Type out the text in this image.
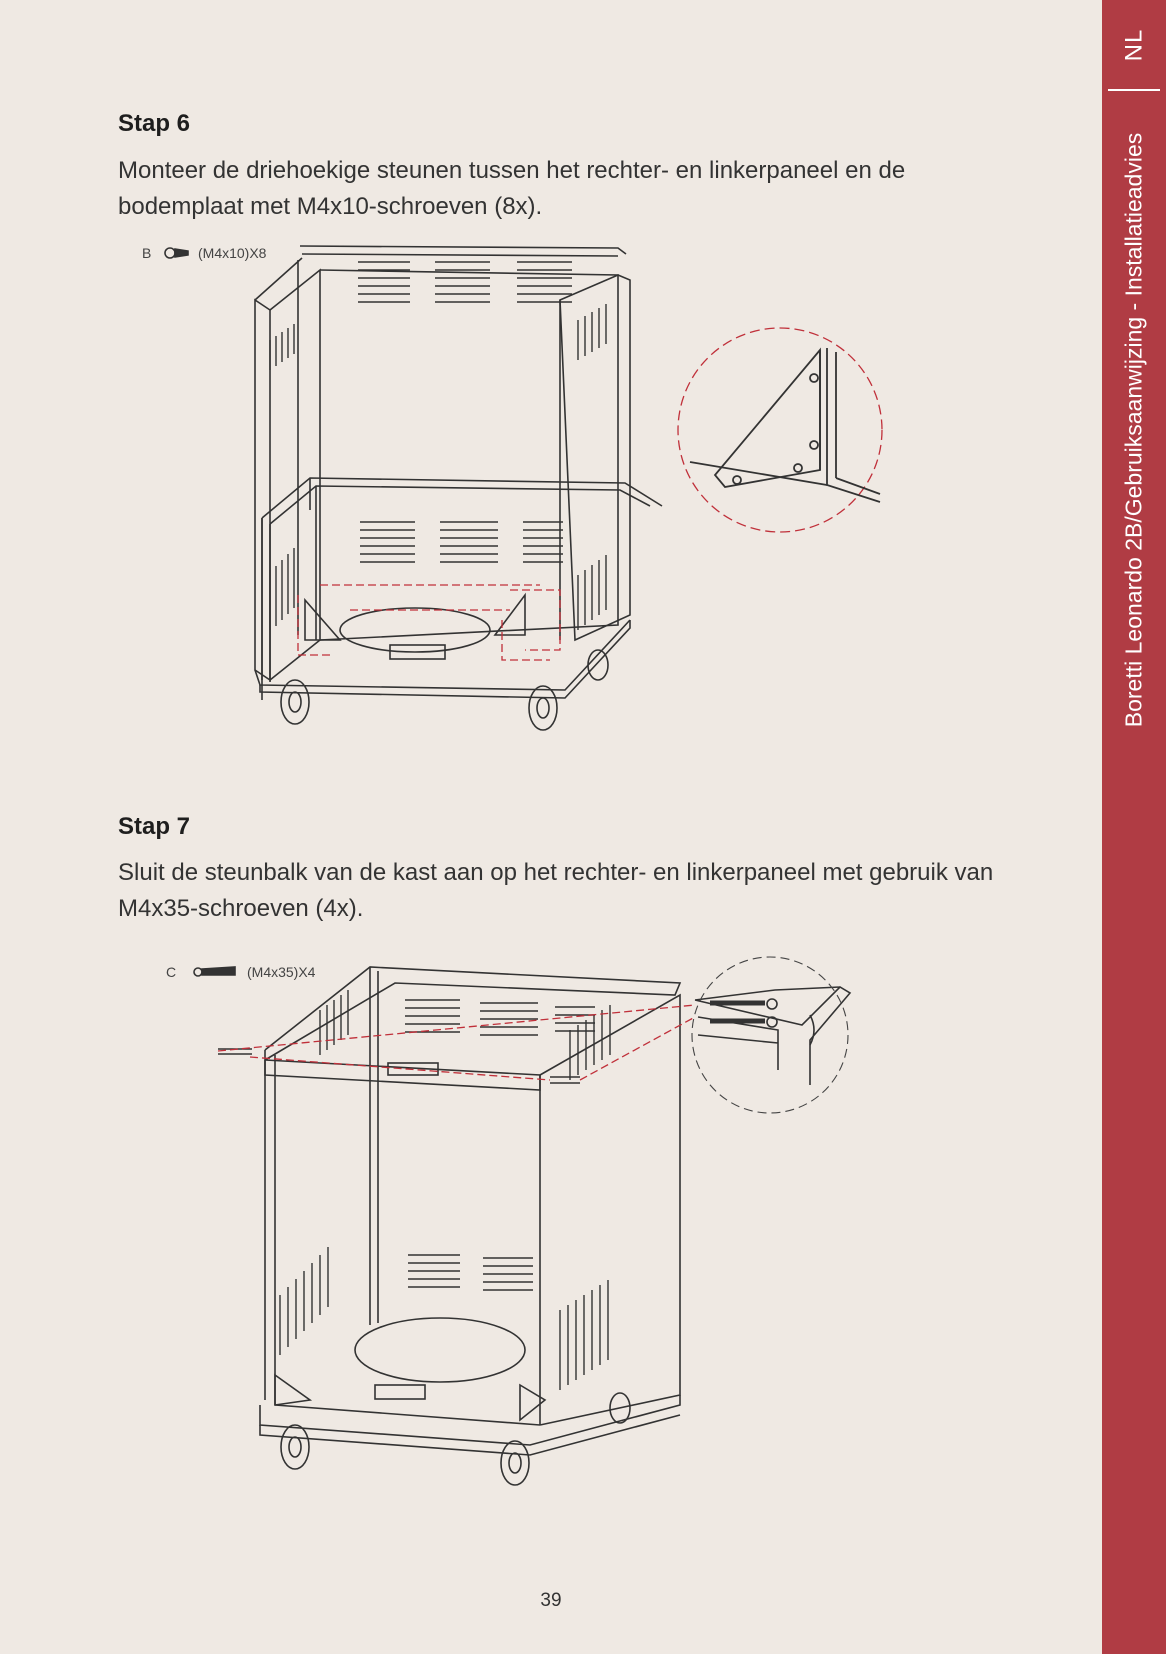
NL
Boretti Leonardo 2B/Gebruiksaanwijzing - Installatieadvies
Stap 6
Monteer de driehoekige steunen tussen het rechter- en linkerpaneel en de bodemplaat met M4x10-schroeven (8x).
B	(M4x10)X8
Stap 7
Sluit de steunbalk van de kast aan op het rechter- en linkerpaneel met gebruik van M4x35-schroeven (4x).
C	(M4x35)X4
39
